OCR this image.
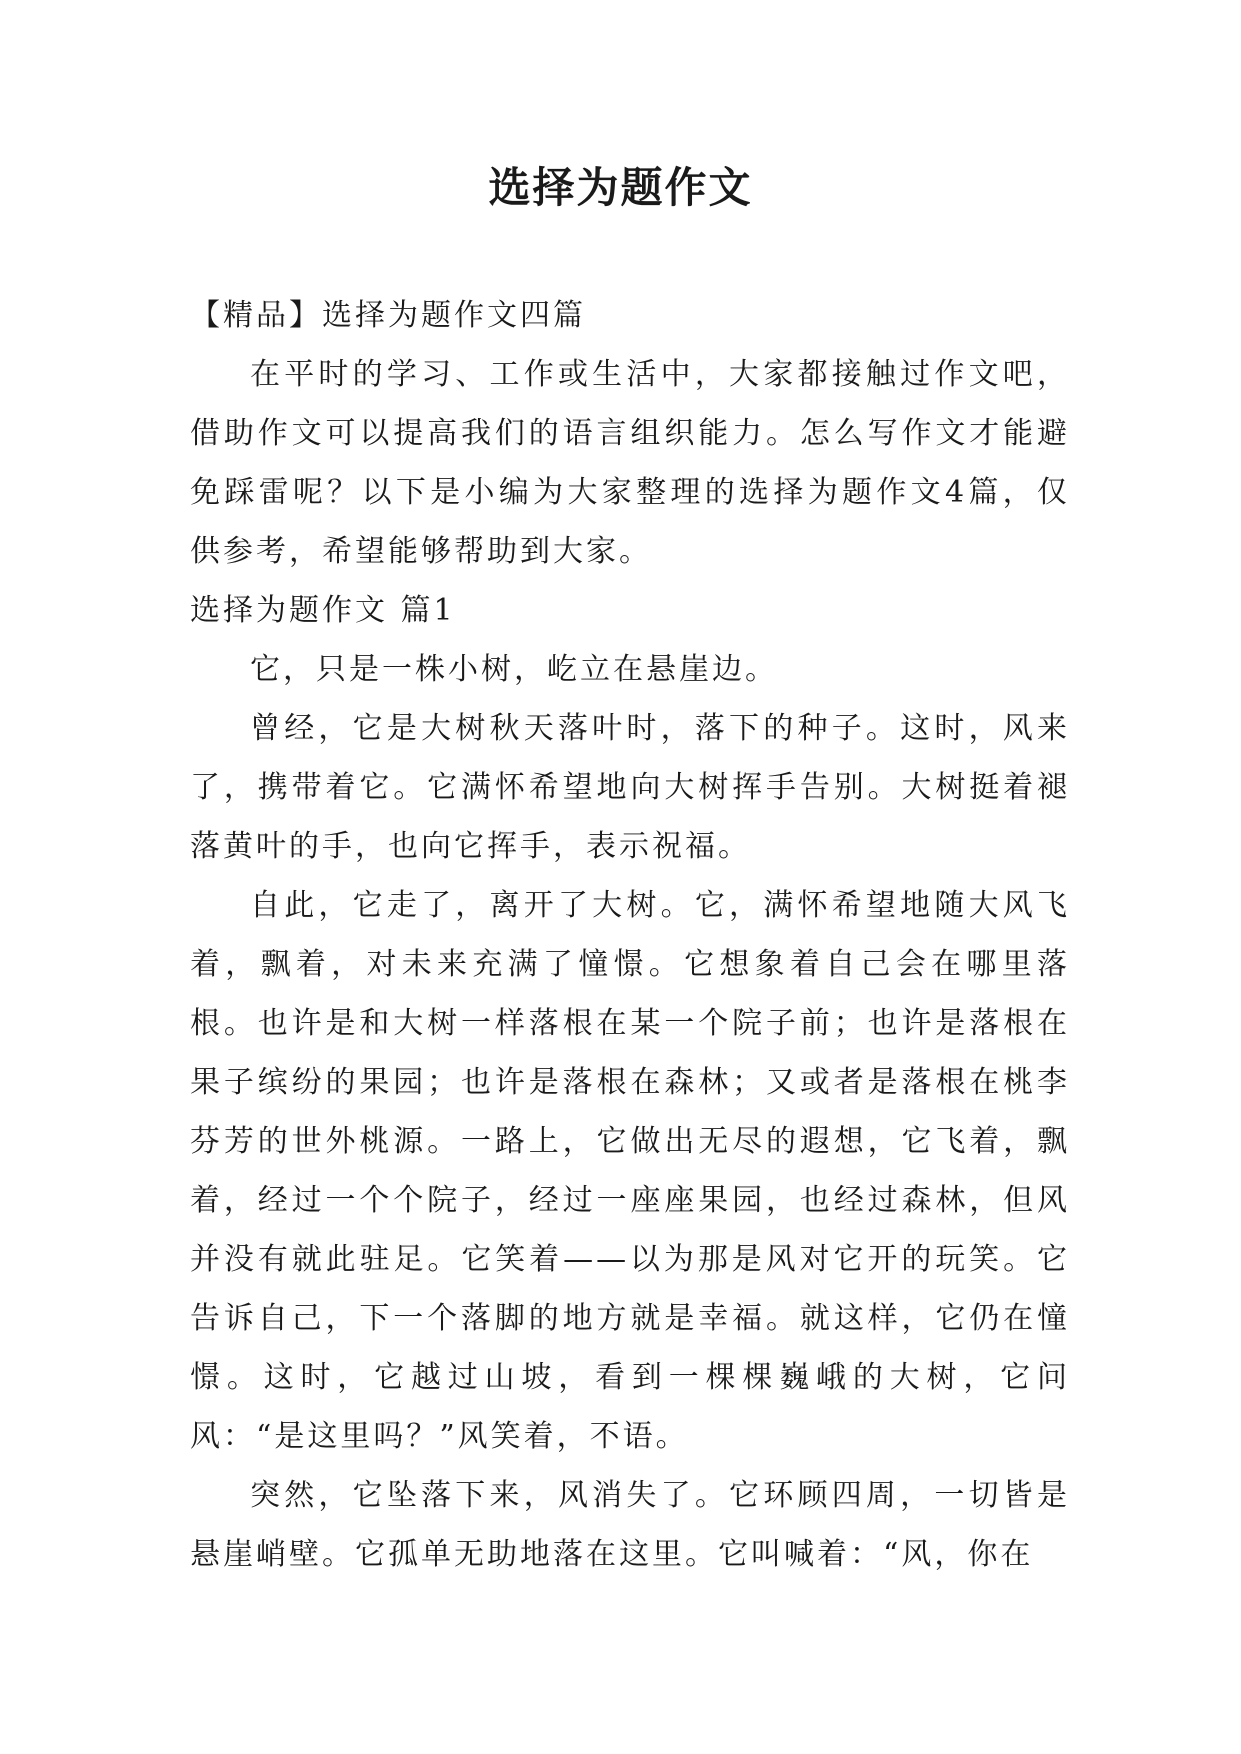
选择为题作文

【精品】选择为题作文四篇

在平时的学习、工作或生活中，大家都接触过作文吧，借助作文可以提高我们的语言组织能力。怎么写作文才能避免踩雷呢？以下是小编为大家整理的选择为题作文4篇，仅供参考，希望能够帮助到大家。

选择为题作文 篇1

它，只是一株小树，屹立在悬崖边。

曾经，它是大树秋天落叶时，落下的种子。这时，风来了，携带着它。它满怀希望地向大树挥手告别。大树挺着褪落黄叶的手，也向它挥手，表示祝福。

自此，它走了，离开了大树。它，满怀希望地随大风飞着，飘着，对未来充满了憧憬。它想象着自己会在哪里落根。也许是和大树一样落根在某一个院子前；也许是落根在果子缤纷的果园；也许是落根在森林；又或者是落根在桃李芬芳的世外桃源。一路上，它做出无尽的遐想，它飞着，飘着，经过一个个院子，经过一座座果园，也经过森林，但风并没有就此驻足。它笑着——以为那是风对它开的玩笑。它告诉自己，下一个落脚的地方就是幸福。就这样，它仍在憧憬。这时，它越过山坡，看到一棵棵巍峨的大树，它问风：“是这里吗？”风笑着，不语。

突然，它坠落下来，风消失了。它环顾四周，一切皆是悬崖峭壁。它孤单无助地落在这里。它叫喊着：“风，你在
